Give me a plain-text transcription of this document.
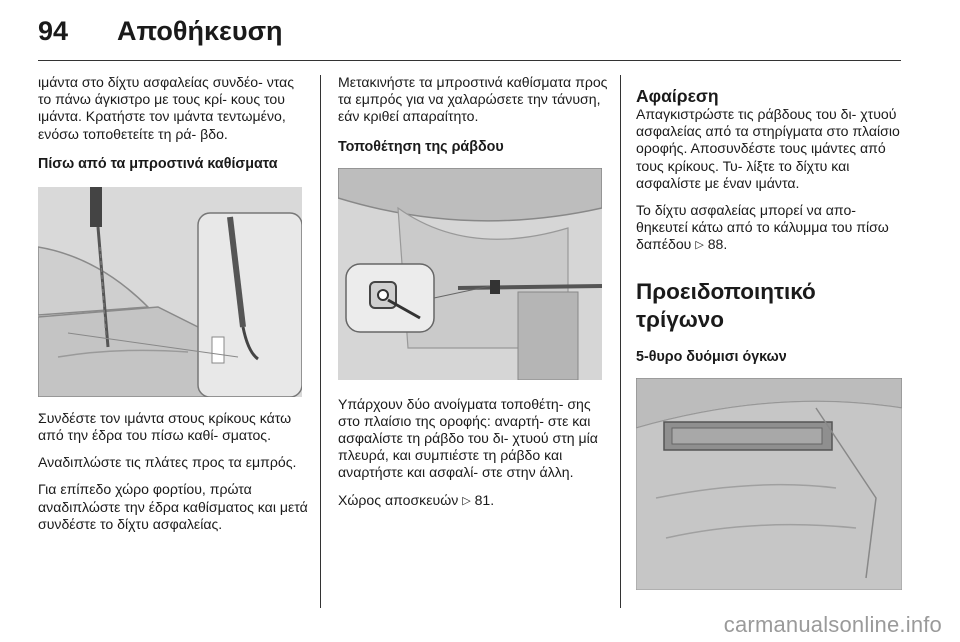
94 Αποθήκευση

ιμάντα στο δίχτυ ασφαλείας συνδέο- ντας το πάνω άγκιστρο με τους κρί- κους του ιμάντα. Κρατήστε τον ιμάντα τεντωμένο, ενόσω τοποθετείτε τη ρά- βδο.

Πίσω από τα μπροστινά καθίσματα

Συνδέστε τον ιμάντα στους κρίκους κάτω από την έδρα του πίσω καθί- σματος.

Αναδιπλώστε τις πλάτες προς τα εμπρός.

Για επίπεδο χώρο φορτίου, πρώτα αναδιπλώστε την έδρα καθίσματος και μετά συνδέστε το δίχτυ ασφαλείας.

Μετακινήστε τα μπροστινά καθίσματα προς τα εμπρός για να χαλαρώσετε την τάνυση, εάν κριθεί απαραίτητο.

Τοποθέτηση της ράβδου

Υπάρχουν δύο ανοίγματα τοποθέτη- σης στο πλαίσιο της οροφής: αναρτή- στε και ασφαλίστε τη ράβδο του δι- χτυού στη μία πλευρά, και συμπιέστε τη ράβδο και αναρτήστε και ασφαλί- στε στην άλλη.

Χώρος αποσκευών ▷ 81.

Αφαίρεση

Απαγκιστρώστε τις ράβδους του δι- χτυού ασφαλείας από τα στηρίγματα στο πλαίσιο οροφής. Αποσυνδέστε τους ιμάντες από τους κρίκους. Τυ- λίξτε το δίχτυ και ασφαλίστε με έναν ιμάντα.

Το δίχτυ ασφαλείας μπορεί να απο- θηκευτεί κάτω από το κάλυμμα του πίσω δαπέδου ▷ 88.

Προειδοποιητικό τρίγωνο
5-θυρο δυόμισι όγκων
carmanualsonline.info
